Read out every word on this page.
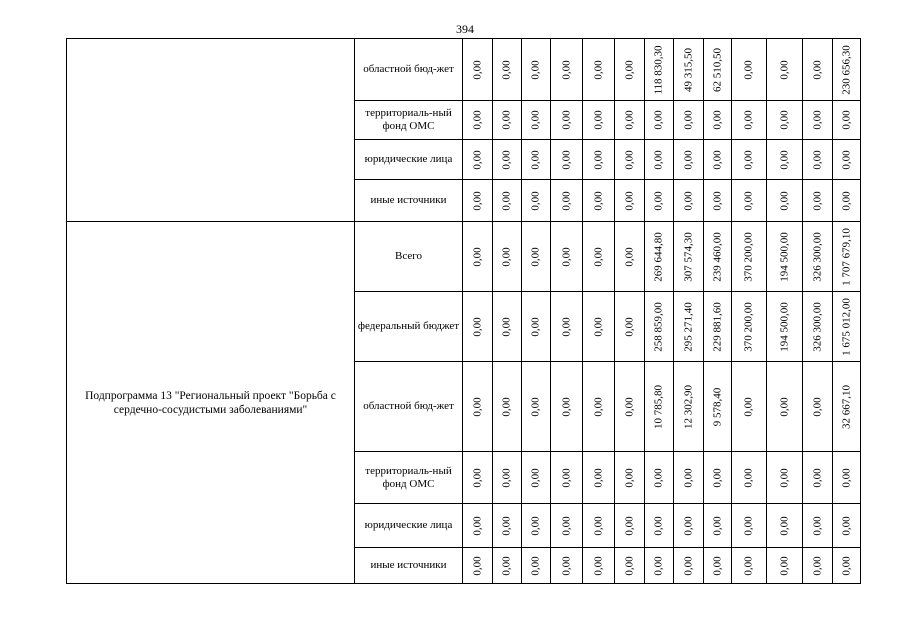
394
	областной бюд-жет	0,00	0,00	0,00	0,00	0,00	0,00	118 830,30	49 315,50	62 510,50	0,00	0,00	0,00	230 656,30

	территориаль-ный фонд ОМС	0,00	0,00	0,00	0,00	0,00	0,00	0,00	0,00	0,00	0,00	0,00	0,00	0,00

	юридические лица	0,00	0,00	0,00	0,00	0,00	0,00	0,00	0,00	0,00	0,00	0,00	0,00	0,00

	иные источники	0,00	0,00	0,00	0,00	0,00	0,00	0,00	0,00	0,00	0,00	0,00	0,00	0,00

Подпрограмма 13 "Региональный проект "Борьба с сердечно-сосудистыми заболеваниями"	Всего	0,00	0,00	0,00	0,00	0,00	0,00	269 644,80	307 574,30	239 460,00	370 200,00	194 500,00	326 300,00	1 707 679,10

	федеральный бюджет	0,00	0,00	0,00	0,00	0,00	0,00	258 859,00	295 271,40	229 881,60	370 200,00	194 500,00	326 300,00	1 675 012,00

	областной бюд-жет	0,00	0,00	0,00	0,00	0,00	0,00	10 785,80	12 302,90	9 578,40	0,00	0,00	0,00	32 667,10

	территориаль-ный фонд ОМС	0,00	0,00	0,00	0,00	0,00	0,00	0,00	0,00	0,00	0,00	0,00	0,00	0,00

	юридические лица	0,00	0,00	0,00	0,00	0,00	0,00	0,00	0,00	0,00	0,00	0,00	0,00	0,00

	иные источники	0,00	0,00	0,00	0,00	0,00	0,00	0,00	0,00	0,00	0,00	0,00	0,00	0,00
